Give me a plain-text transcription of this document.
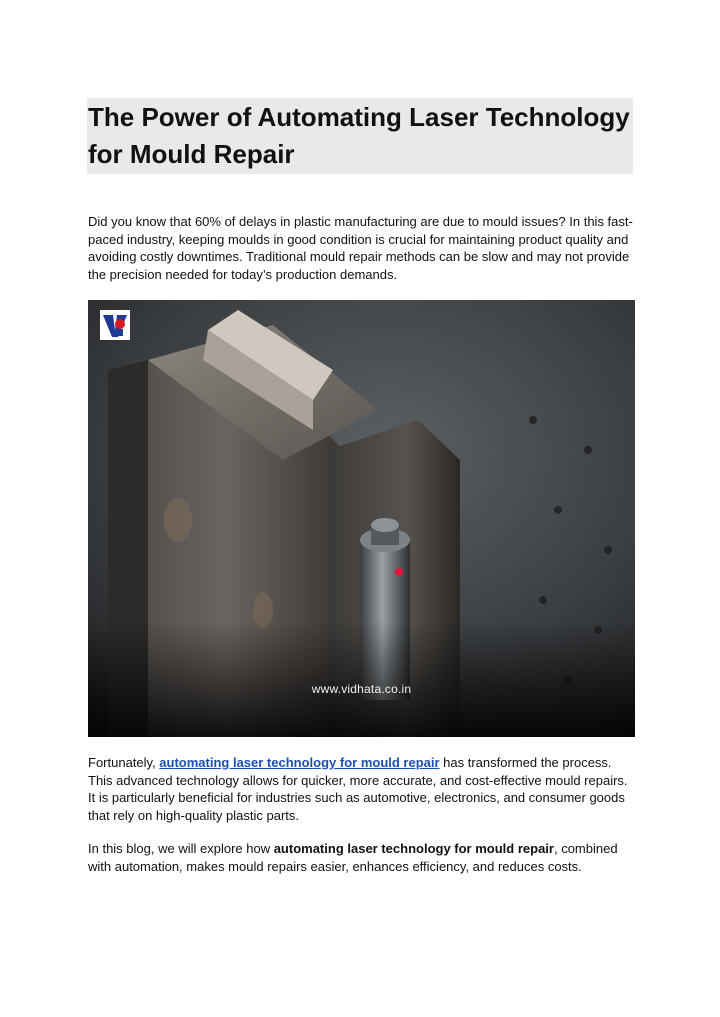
The Power of Automating Laser Technology for Mould Repair

Did you know that 60% of delays in plastic manufacturing are due to mould issues? In this fast-paced industry, keeping moulds in good condition is crucial for maintaining product quality and avoiding costly downtimes. Traditional mould repair methods can be slow and may not provide the precision needed for today’s production demands.

www.vidhata.co.in

Fortunately, automating laser technology for mould repair has transformed the process. This advanced technology allows for quicker, more accurate, and cost-effective mould repairs. It is particularly beneficial for industries such as automotive, electronics, and consumer goods that rely on high-quality plastic parts.

In this blog, we will explore how automating laser technology for mould repair, combined with automation, makes mould repairs easier, enhances efficiency, and reduces costs.
